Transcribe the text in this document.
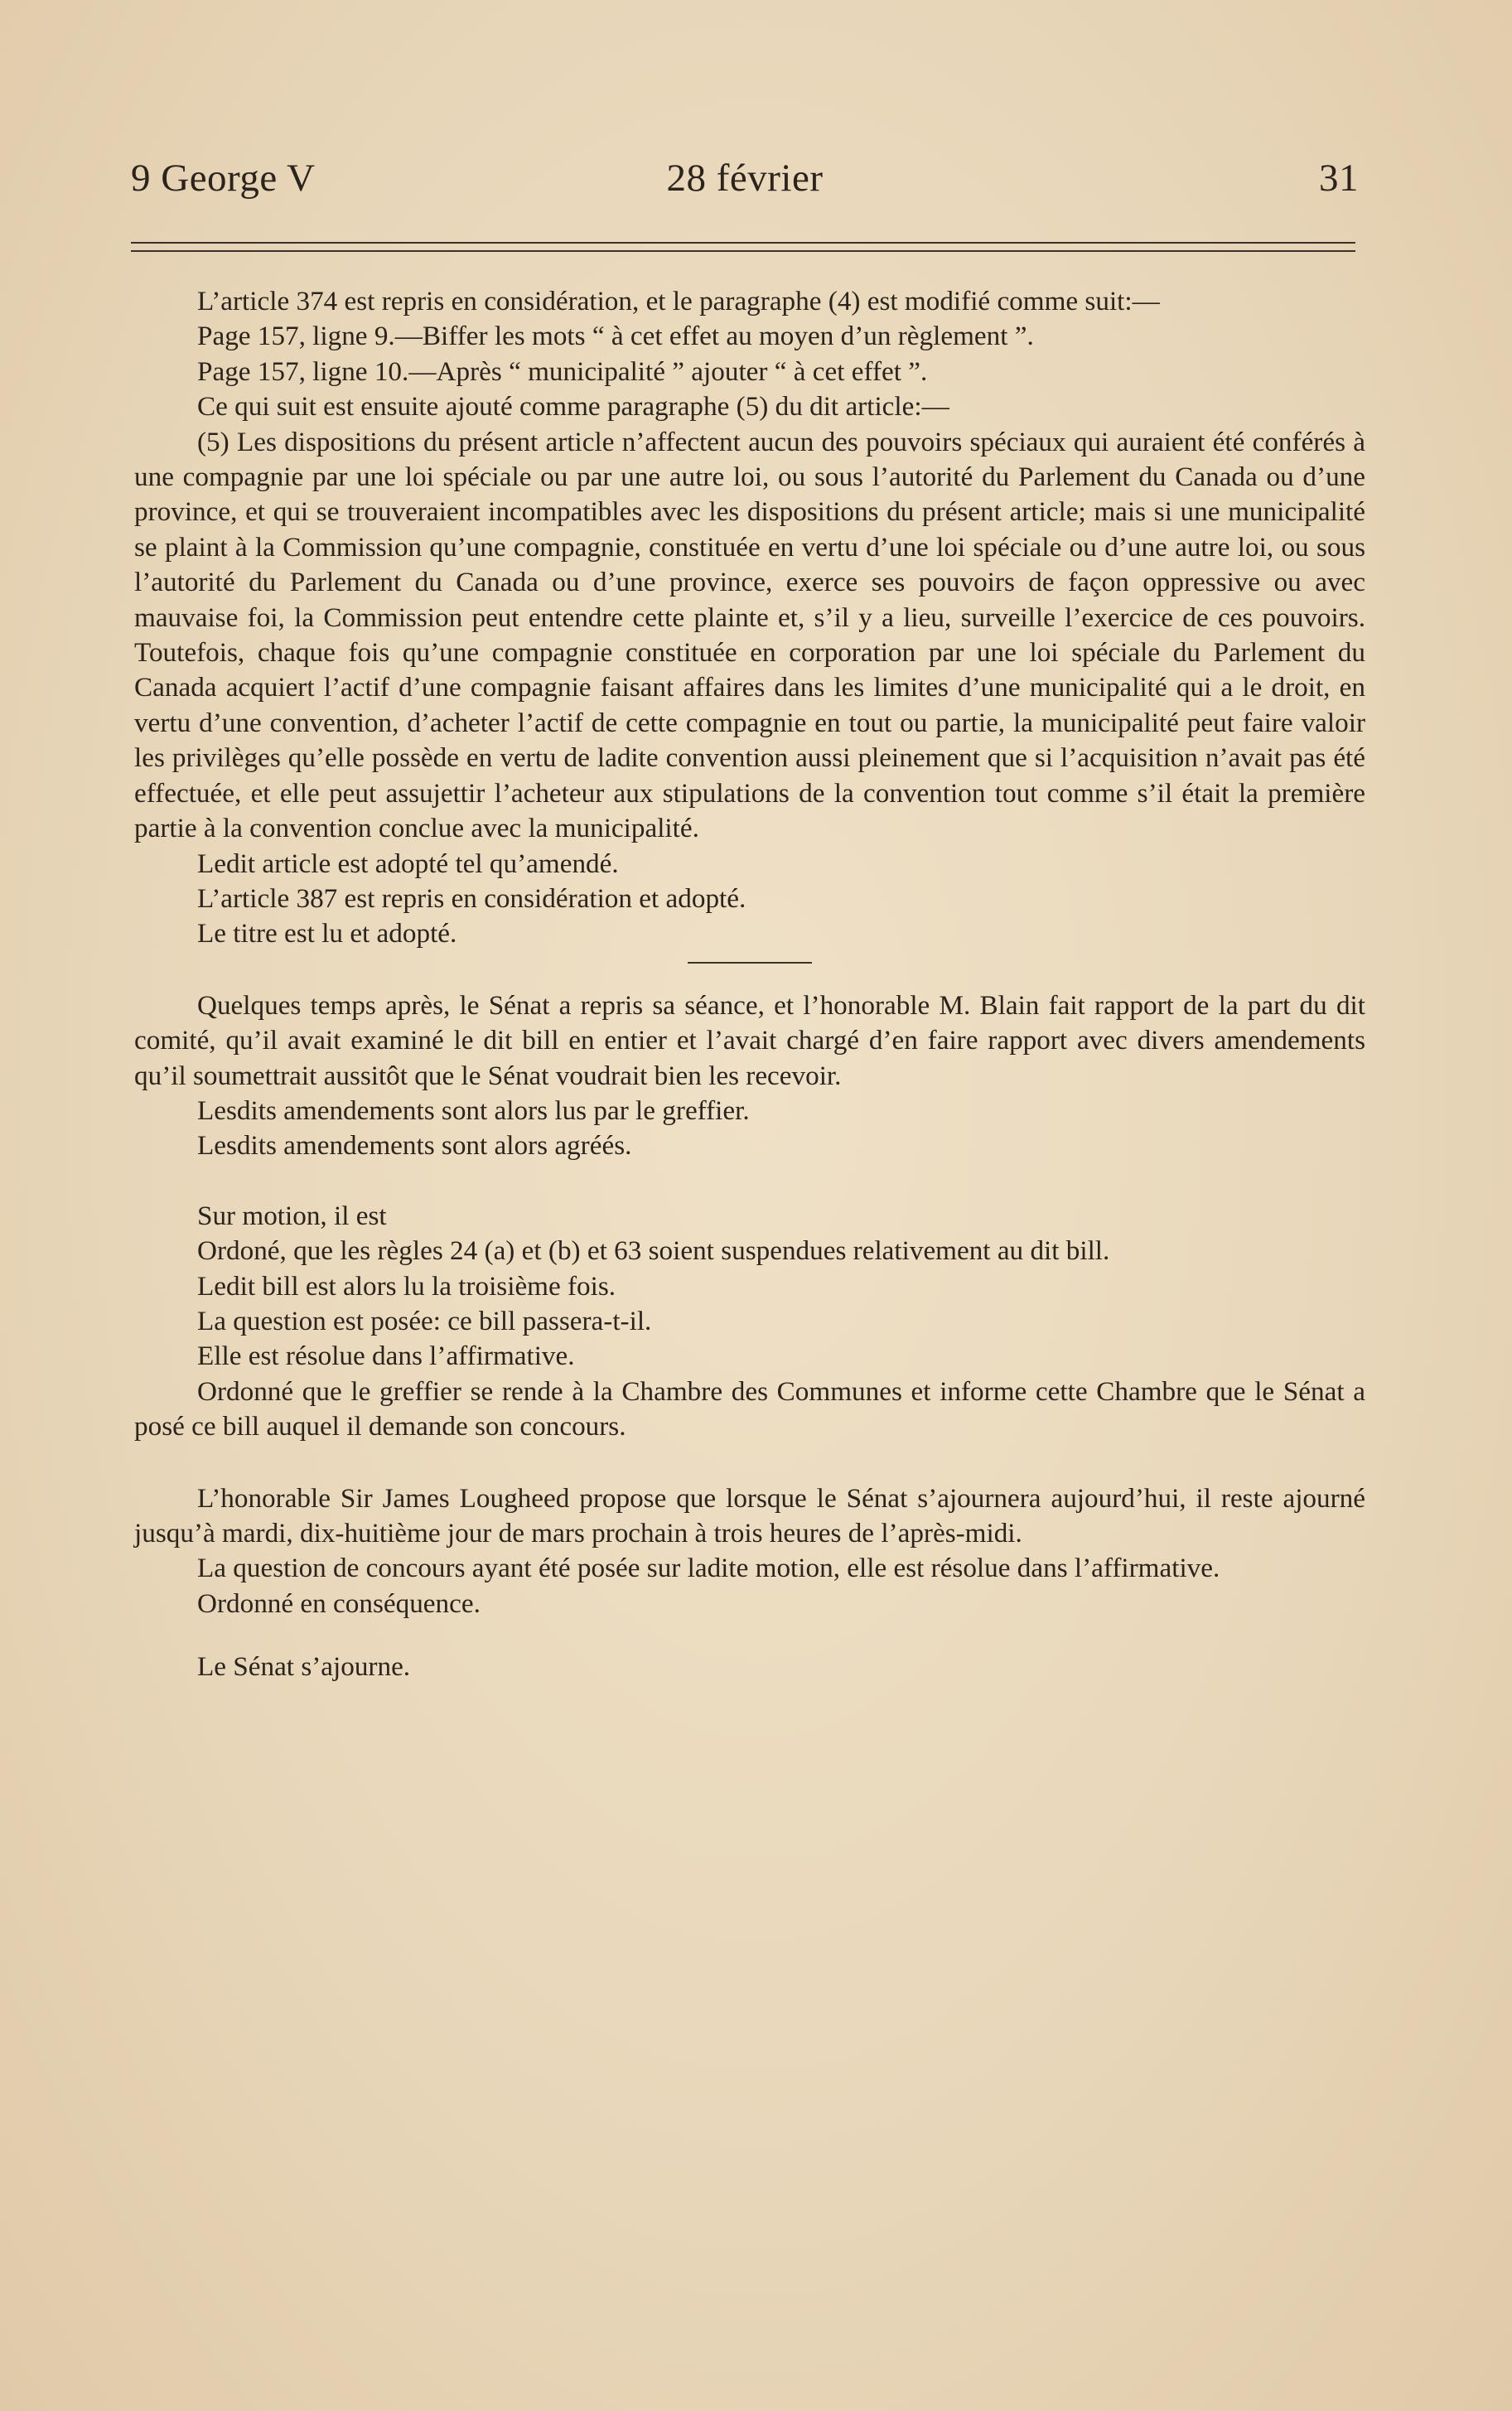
9 George V	28 février	31

L’article 374 est repris en considération, et le paragraphe (4) est modifié comme suit:—

Page 157, ligne 9.—Biffer les mots “ à cet effet au moyen d’un règlement ”.

Page 157, ligne 10.—Après “ municipalité ” ajouter “ à cet effet ”.

Ce qui suit est ensuite ajouté comme paragraphe (5) du dit article:—

(5) Les dispositions du présent article n’affectent aucun des pouvoirs spéciaux qui auraient été conférés à une compagnie par une loi spéciale ou par une autre loi, ou sous l’autorité du Parlement du Canada ou d’une province, et qui se trouveraient incompatibles avec les dispositions du présent article; mais si une municipalité se plaint à la Commission qu’une compagnie, constituée en vertu d’une loi spéciale ou d’une autre loi, ou sous l’autorité du Parlement du Canada ou d’une province, exerce ses pouvoirs de façon oppressive ou avec mauvaise foi, la Commission peut entendre cette plainte et, s’il y a lieu, surveille l’exercice de ces pouvoirs. Toutefois, chaque fois qu’une compagnie constituée en corporation par une loi spéciale du Parlement du Canada acquiert l’actif d’une compagnie faisant affaires dans les limites d’une municipalité qui a le droit, en vertu d’une convention, d’acheter l’actif de cette compagnie en tout ou partie, la municipalité peut faire valoir les privilèges qu’elle possède en vertu de ladite convention aussi pleinement que si l’acquisition n’avait pas été effectuée, et elle peut assujettir l’acheteur aux stipulations de la convention tout comme s’il était la première partie à la convention conclue avec la municipalité.

Ledit article est adopté tel qu’amendé.

L’article 387 est repris en considération et adopté.

Le titre est lu et adopté.

Quelques temps après, le Sénat a repris sa séance, et l’honorable M. Blain fait rapport de la part du dit comité, qu’il avait examiné le dit bill en entier et l’avait chargé d’en faire rapport avec divers amendements qu’il soumettrait aussitôt que le Sénat voudrait bien les recevoir.

Lesdits amendements sont alors lus par le greffier.

Lesdits amendements sont alors agréés.

Sur motion, il est

Ordoné, que les règles 24 (a) et (b) et 63 soient suspendues relativement au dit bill.

Ledit bill est alors lu la troisième fois.

La question est posée: ce bill passera-t-il.

Elle est résolue dans l’affirmative.

Ordonné que le greffier se rende à la Chambre des Communes et informe cette Chambre que le Sénat a posé ce bill auquel il demande son concours.

L’honorable Sir James Lougheed propose que lorsque le Sénat s’ajournera aujourd’hui, il reste ajourné jusqu’à mardi, dix-huitième jour de mars prochain à trois heures de l’après-midi.

La question de concours ayant été posée sur ladite motion, elle est résolue dans l’affirmative.

Ordonné en conséquence.

Le Sénat s’ajourne.
